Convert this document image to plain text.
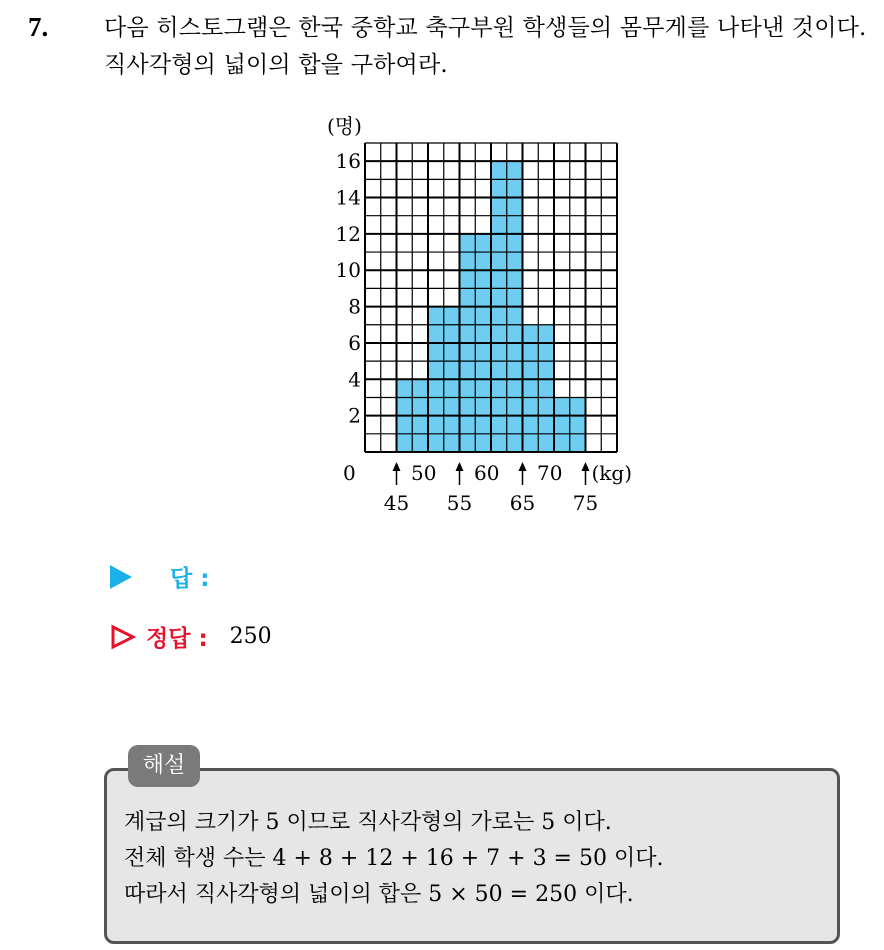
7. 다음 히스토그램은 한국 중학교 축구부원 학생들의 몸무게를 나타낸 것이다. 직사각형의 넓이의 합을 구하여라.
(명)
2
4
6
8
10
12
14
16
0	50 60 70 (kg)
45 55 65 75
답 :
정답 : 250
해설
계급의 크기가 5 이므로 직사각형의 가로는 5 이다.
전체 학생 수는 4 + 8 + 12 + 16 + 7 + 3 = 50 이다.
따라서 직사각형의 넓이의 합은 5 × 50 = 250 이다.
